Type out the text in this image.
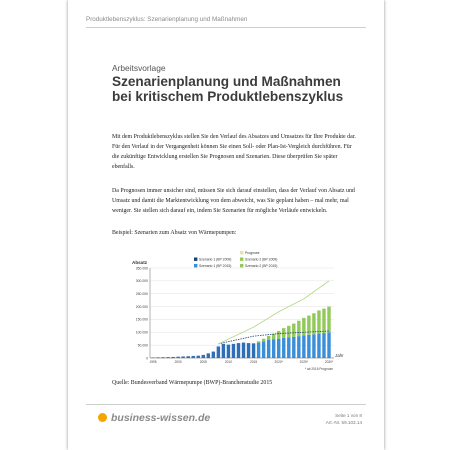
Produktlebenszyklus: Szenarienplanung und Maßnahmen
Arbeitsvorlage
Szenarienplanung und Maßnahmen bei kritischem Produktlebenszyklus
Mit dem Produktlebenszyklus stellen Sie den Verlauf des Absatzes und Umsatzes für Ihre Produkte dar. Für den Verlauf in der Vergangenheit können Sie einen Soll- oder Plan-Ist-Vergleich durchführen. Für die zukünftige Entwicklung erstellen Sie Prognosen und Szenarien. Diese überprüfen Sie später ebenfalls.
Da Prognosen immer unsicher sind, müssen Sie sich darauf einstellen, dass der Verlauf von Absatz und Umsatz und damit die Marktentwicklung von dem abweicht, was Sie geplant haben – mal mehr, mal weniger. Sie stellen sich darauf ein, indem Sie Szenarien für mögliche Verläufe entwickeln.
Beispiel: Szenarien zum Absatz von Wärmepumpen:
Absatz
0
50.000
100.000
150.000
200.000
250.000
300.000
350.000
1995	2000	2005	2010	2015	2020*	2025*	2030*
Jahr
* ab 2016 Prognose
Prognose
Szenario 1 (BP 2009)
Szenario 1 (BP 2015)
Szenario 2 (BP 2009)
Szenario 2 (BP 2015)
Quelle: Bundesverband Wärmepumpe (BWP)-Branchenstudie 2015
business-wissen.de	Seite 1 von 8
Art.-Nr. 59.103.14
